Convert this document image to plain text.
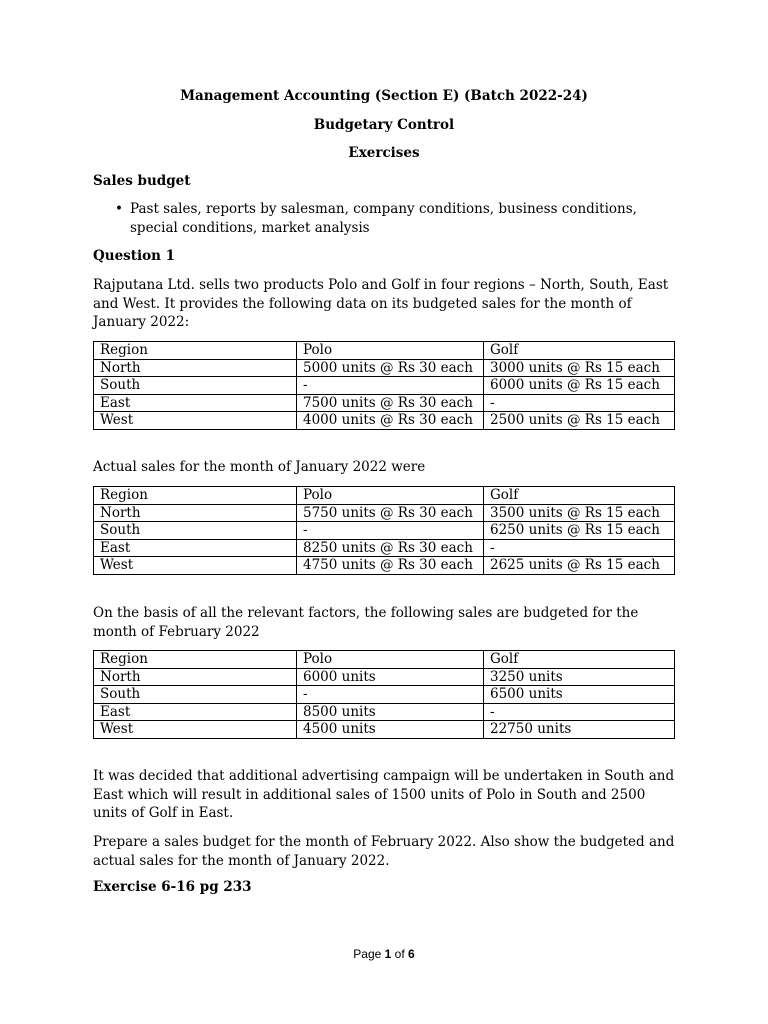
Management Accounting (Section E) (Batch 2022-24)
Budgetary Control
Exercises
Sales budget
• Past sales, reports by salesman, company conditions, business conditions, special conditions, market analysis
Question 1

Rajputana Ltd. sells two products Polo and Golf in four regions – North, South, East and West. It provides the following data on its budgeted sales for the month of January 2022:

Region	Polo	Golf
North	5000 units @ Rs 30 each	3000 units @ Rs 15 each
South	-	6000 units @ Rs 15 each
East	7500 units @ Rs 30 each	-
West	4000 units @ Rs 30 each	2500 units @ Rs 15 each

Actual sales for the month of January 2022 were

Region	Polo	Golf
North	5750 units @ Rs 30 each	3500 units @ Rs 15 each
South	-	6250 units @ Rs 15 each
East	8250 units @ Rs 30 each	-
West	4750 units @ Rs 30 each	2625 units @ Rs 15 each

On the basis of all the relevant factors, the following sales are budgeted for the month of February 2022

Region	Polo	Golf
North	6000 units	3250 units
South	-	6500 units
East	8500 units	-
West	4500 units	22750 units

It was decided that additional advertising campaign will be undertaken in South and East which will result in additional sales of 1500 units of Polo in South and 2500 units of Golf in East.

Prepare a sales budget for the month of February 2022. Also show the budgeted and actual sales for the month of January 2022.

Exercise 6-16 pg 233
Page 1 of 6
